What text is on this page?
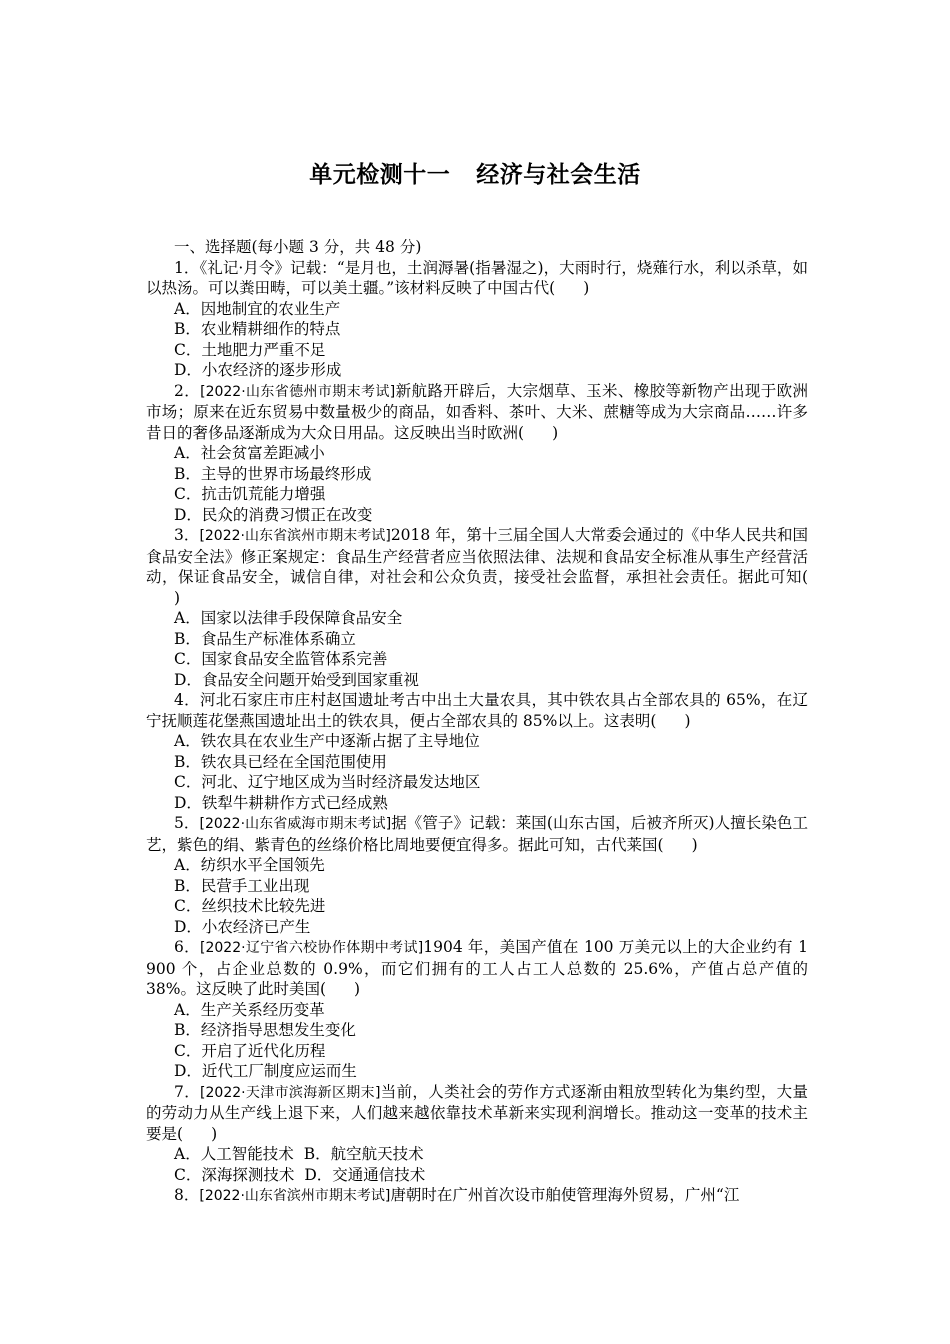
单元检测十一 经济与社会生活

一、选择题(每小题 3 分，共 48 分)

1．《礼记·月令》记载：“是月也，土润溽暑(指暑湿之)，大雨时行，烧薙行水，利以杀草，如以热汤。可以粪田畴，可以美土疆。”该材料反映了中国古代( )

A．因地制宜的农业生产

B．农业精耕细作的特点

C．土地肥力严重不足

D．小农经济的逐步形成

2．[2022·山东省德州市期末考试]新航路开辟后，大宗烟草、玉米、橡胶等新物产出现于欧洲市场；原来在近东贸易中数量极少的商品，如香料、茶叶、大米、蔗糖等成为大宗商品……许多昔日的奢侈品逐渐成为大众日用品。这反映出当时欧洲( )

A．社会贫富差距减小

B．主导的世界市场最终形成

C．抗击饥荒能力增强

D．民众的消费习惯正在改变

3．[2022·山东省滨州市期末考试]2018 年，第十三届全国人大常委会通过的《中华人民共和国食品安全法》修正案规定：食品生产经营者应当依照法律、法规和食品安全标准从事生产经营活动，保证食品安全，诚信自律，对社会和公众负责，接受社会监督，承担社会责任。据此可知()

A．国家以法律手段保障食品安全

B．食品生产标准体系确立

C．国家食品安全监管体系完善

D．食品安全问题开始受到国家重视

4．河北石家庄市庄村赵国遗址考古中出土大量农具，其中铁农具占全部农具的 65%，在辽宁抚顺莲花堡燕国遗址出土的铁农具，便占全部农具的 85%以上。这表明( )

A．铁农具在农业生产中逐渐占据了主导地位

B．铁农具已经在全国范围使用

C．河北、辽宁地区成为当时经济最发达地区

D．铁犁牛耕耕作方式已经成熟

5．[2022·山东省威海市期末考试]据《管子》记载：莱国(山东古国，后被齐所灭)人擅长染色工艺，紫色的绢、紫青色的丝绦价格比周地要便宜得多。据此可知，古代莱国( )

A．纺织水平全国领先

B．民营手工业出现

C．丝织技术比较先进

D．小农经济已产生

6．[2022·辽宁省六校协作体期中考试]1904 年，美国产值在 100 万美元以上的大企业约有 1 900 个，占企业总数的 0.9%，而它们拥有的工人占工人总数的 25.6%，产值占总产值的 38%。这反映了此时美国( )

A．生产关系经历变革

B．经济指导思想发生变化

C．开启了近代化历程

D．近代工厂制度应运而生

7．[2022·天津市滨海新区期末]当前，人类社会的劳作方式逐渐由粗放型转化为集约型，大量的劳动力从生产线上退下来，人们越来越依靠技术革新来实现利润增长。推动这一变革的技术主要是( )

A．人工智能技术 B．航空航天技术

C．深海探测技术 D．交通通信技术

8．[2022·山东省滨州市期末考试]唐朝时在广州首次设市舶使管理海外贸易，广州“江
